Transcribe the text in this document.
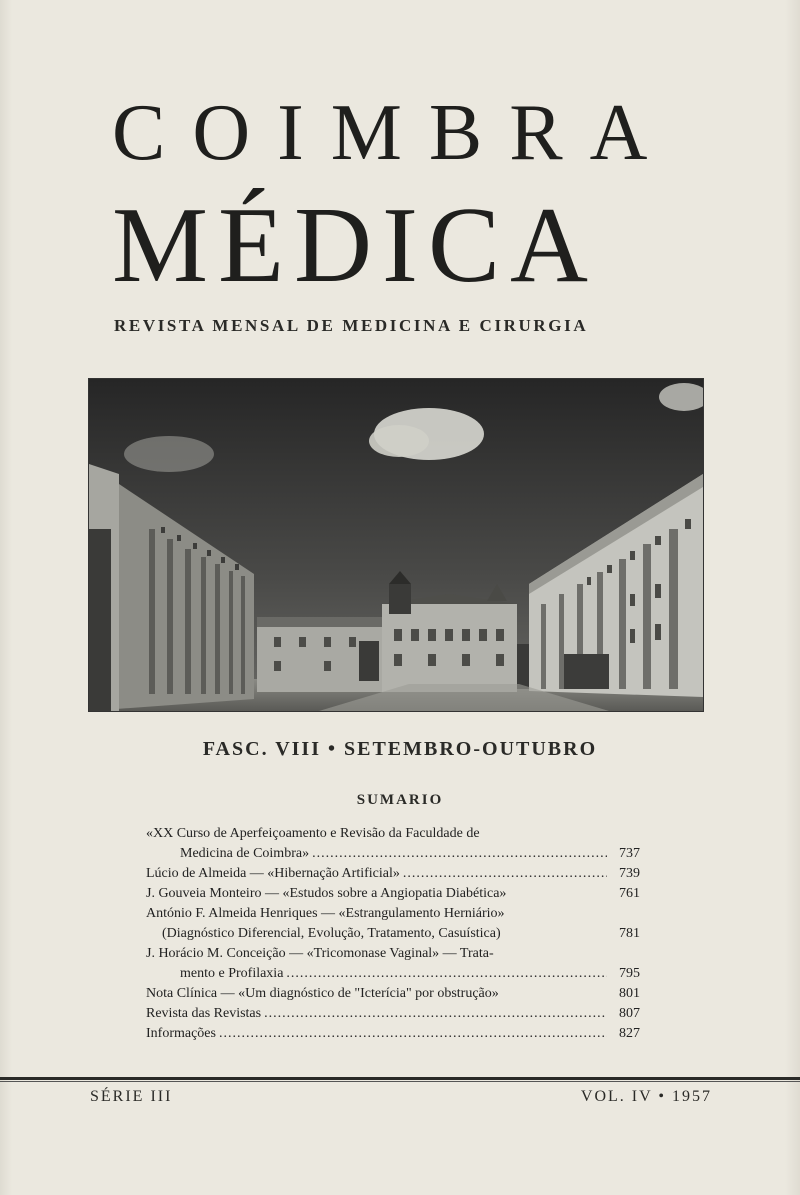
COIMBRA
MÉDICA
REVISTA MENSAL DE MEDICINA E CIRURGIA
FASC. VIII • SETEMBRO-OUTUBRO
SUMARIO
«XX Curso de Aperfeiçoamento e Revisão da Faculdade de
Medicina de Coimbra» .....	737
Lúcio de Almeida — «Hibernação Artificial» .....	739
J. Gouveia Monteiro — «Estudos sobre a Angiopatia Diabética»	761
António F. Almeida Henriques — «Estrangulamento Herniário»
(Diagnóstico Diferencial, Evolução, Tratamento, Casuística)	781
J. Horácio M. Conceição — «Tricomonase Vaginal» — Trata-
mento e Profilaxia .....	795
Nota Clínica — «Um diagnóstico de "Icterícia" por obstrução»	801
Revista das Revistas .....	807
Informações .....	827
SÉRIE III	VOL. IV • 1957
